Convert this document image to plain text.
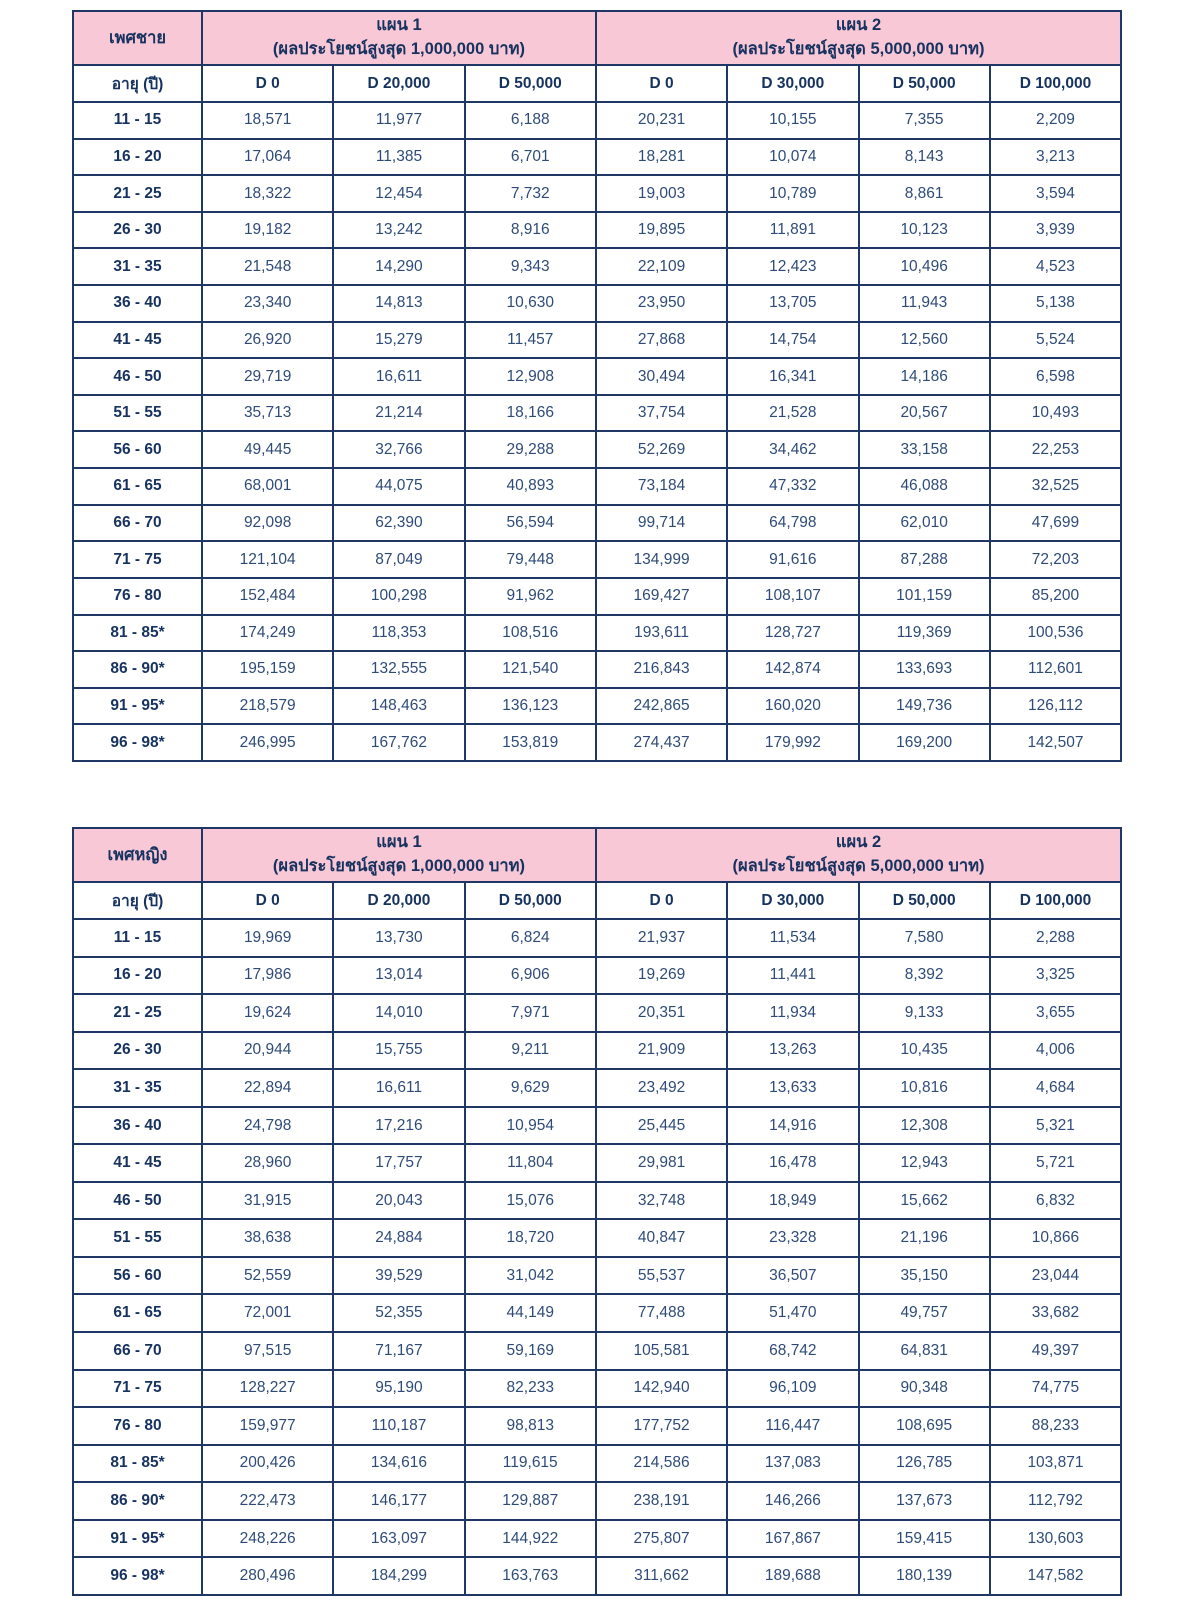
เพศชาย	
แผน 1
(ผลประโยชน์สูงสุด 1,000,000 บาท)

แผน 2
(ผลประโยชน์สูงสุด 5,000,000 บาท)

อายุ (ปี)	D 0	D 20,000	D 50,000	D 0	D 30,000	D 50,000	D 100,000
11 - 15	18,571	11,977	6,188	20,231	10,155	7,355	2,209
16 - 20	17,064	11,385	6,701	18,281	10,074	8,143	3,213
21 - 25	18,322	12,454	7,732	19,003	10,789	8,861	3,594
26 - 30	19,182	13,242	8,916	19,895	11,891	10,123	3,939
31 - 35	21,548	14,290	9,343	22,109	12,423	10,496	4,523
36 - 40	23,340	14,813	10,630	23,950	13,705	11,943	5,138
41 - 45	26,920	15,279	11,457	27,868	14,754	12,560	5,524
46 - 50	29,719	16,611	12,908	30,494	16,341	14,186	6,598
51 - 55	35,713	21,214	18,166	37,754	21,528	20,567	10,493
56 - 60	49,445	32,766	29,288	52,269	34,462	33,158	22,253
61 - 65	68,001	44,075	40,893	73,184	47,332	46,088	32,525
66 - 70	92,098	62,390	56,594	99,714	64,798	62,010	47,699
71 - 75	121,104	87,049	79,448	134,999	91,616	87,288	72,203
76 - 80	152,484	100,298	91,962	169,427	108,107	101,159	85,200
81 - 85*	174,249	118,353	108,516	193,611	128,727	119,369	100,536
86 - 90*	195,159	132,555	121,540	216,843	142,874	133,693	112,601
91 - 95*	218,579	148,463	136,123	242,865	160,020	149,736	126,112
96 - 98*	246,995	167,762	153,819	274,437	179,992	169,200	142,507
เพศหญิง	
แผน 1
(ผลประโยชน์สูงสุด 1,000,000 บาท)

แผน 2
(ผลประโยชน์สูงสุด 5,000,000 บาท)

อายุ (ปี)	D 0	D 20,000	D 50,000	D 0	D 30,000	D 50,000	D 100,000
11 - 15	19,969	13,730	6,824	21,937	11,534	7,580	2,288
16 - 20	17,986	13,014	6,906	19,269	11,441	8,392	3,325
21 - 25	19,624	14,010	7,971	20,351	11,934	9,133	3,655
26 - 30	20,944	15,755	9,211	21,909	13,263	10,435	4,006
31 - 35	22,894	16,611	9,629	23,492	13,633	10,816	4,684
36 - 40	24,798	17,216	10,954	25,445	14,916	12,308	5,321
41 - 45	28,960	17,757	11,804	29,981	16,478	12,943	5,721
46 - 50	31,915	20,043	15,076	32,748	18,949	15,662	6,832
51 - 55	38,638	24,884	18,720	40,847	23,328	21,196	10,866
56 - 60	52,559	39,529	31,042	55,537	36,507	35,150	23,044
61 - 65	72,001	52,355	44,149	77,488	51,470	49,757	33,682
66 - 70	97,515	71,167	59,169	105,581	68,742	64,831	49,397
71 - 75	128,227	95,190	82,233	142,940	96,109	90,348	74,775
76 - 80	159,977	110,187	98,813	177,752	116,447	108,695	88,233
81 - 85*	200,426	134,616	119,615	214,586	137,083	126,785	103,871
86 - 90*	222,473	146,177	129,887	238,191	146,266	137,673	112,792
91 - 95*	248,226	163,097	144,922	275,807	167,867	159,415	130,603
96 - 98*	280,496	184,299	163,763	311,662	189,688	180,139	147,582
